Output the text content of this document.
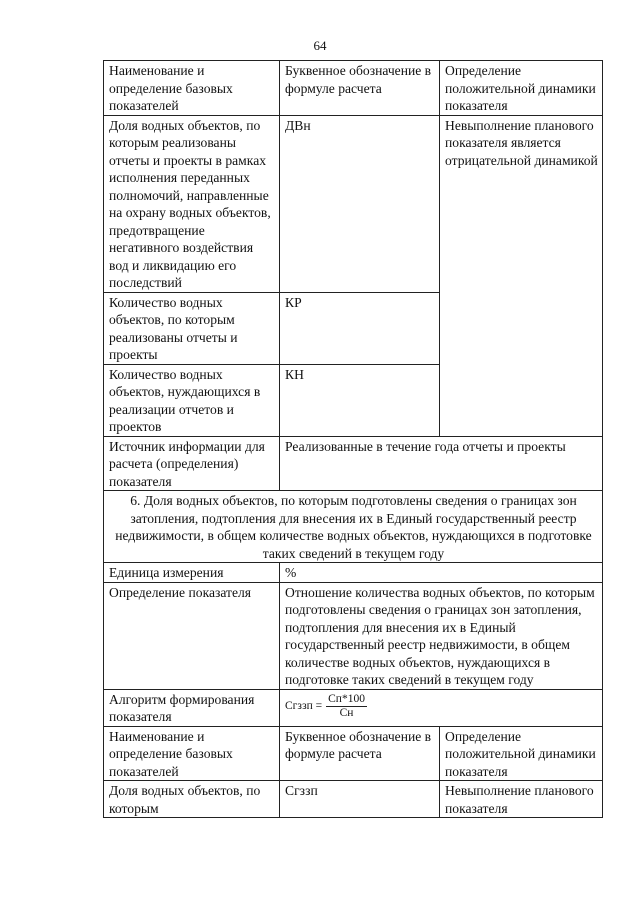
64
Наименование и определение базовых показателей	Буквенное обозначение в формуле расчета	Определение положительной динамики показателя
Доля водных объектов, по которым реализованы отчеты и проекты в рамках исполнения переданных полномочий, направленные на охрану водных объектов, предотвращение негативного воздействия вод и ликвидацию его последствий	ДВн	Невыполнение планового показателя является отрицательной динамикой
Количество водных объектов, по которым реализованы отчеты и проекты	КР	
Количество водных объектов, нуждающихся в реализации отчетов и проектов	КН	
Источник информации для расчета (определения) показателя	Реализованные в течение года отчеты и проекты	
6. Доля водных объектов, по которым подготовлены сведения о границах зон затопления, подтопления для внесения их в Единый государственный реестр недвижимости, в общем количестве водных объектов, нуждающихся в подготовке таких сведений в текущем году		
Единица измерения	%	
Определение показателя	Отношение количества водных объектов, по которым подготовлены сведения о границах зон затопления, подтопления для внесения их в Единый государственный реестр недвижимости, в общем количестве водных объектов, нуждающихся в подготовке таких сведений в текущем году	
Алгоритм формирования показателя	Сгззп = $\frac{Сп*100}{Сн}$

Наименование и определение базовых показателей	Буквенное обозначение в формуле расчета	Определение положительной динамики показателя
Доля водных объектов, по которым	Сгззп	Невыполнение планового показателя
